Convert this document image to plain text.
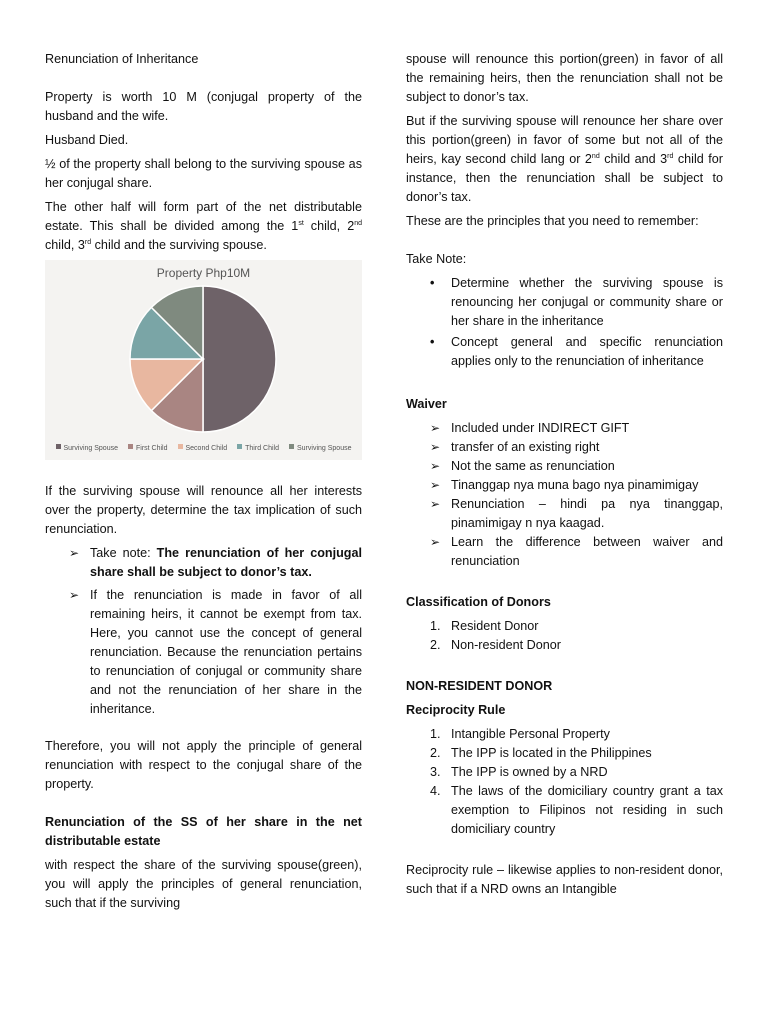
Renunciation of Inheritance

Property is worth 10 M (conjugal property of the husband and the wife.

Husband Died.

½ of the property shall belong to the surviving spouse as her conjugal share.

The other half will form part of the net distributable estate. This shall be divided among the 1st child, 2nd child, 3rd child and the surviving spouse.

Property Php10M
Surviving Spouse	First Child	Second Child	Third Child	Surviving Spouse

If the surviving spouse will renounce all her interests over the property, determine the tax implication of such renunciation.

➢ Take note: The renunciation of her conjugal share shall be subject to donor’s tax.
➢ If the renunciation is made in favor of all remaining heirs, it cannot be exempt from tax. Here, you cannot use the concept of general renunciation. Because the renunciation pertains to renunciation of conjugal or community share and not the renunciation of her share in the inheritance.

Therefore, you will not apply the principle of general renunciation with respect to the conjugal share of the property.

Renunciation of the SS of her share in the net distributable estate

with respect the share of the surviving spouse(green), you will apply the principles of general renunciation, such that if the surviving

spouse will renounce this portion(green) in favor of all the remaining heirs, then the renunciation shall not be subject to donor’s tax.

But if the surviving spouse will renounce her share over this portion(green) in favor of some but not all of the heirs, kay second child lang or 2nd child and 3rd child for instance, then the renunciation shall be subject to donor’s tax.

These are the principles that you need to remember:

Take Note:

• Determine whether the surviving spouse is renouncing her conjugal or community share or her share in the inheritance
• Concept general and specific renunciation applies only to the renunciation of inheritance

Waiver

➢ Included under INDIRECT GIFT
➢ transfer of an existing right
➢ Not the same as renunciation
➢ Tinanggap nya muna bago nya pinamimigay
➢ Renunciation – hindi pa nya tinanggap, pinamimigay n nya kaagad.
➢ Learn the difference between waiver and renunciation

Classification of Donors

1. Resident Donor
2. Non-resident Donor

NON-RESIDENT DONOR

Reciprocity Rule

1. Intangible Personal Property
2. The IPP is located in the Philippines
3. The IPP is owned by a NRD
4. The laws of the domiciliary country grant a tax exemption to Filipinos not residing in such domiciliary country

Reciprocity rule – likewise applies to non-resident donor, such that if a NRD owns an Intangible
